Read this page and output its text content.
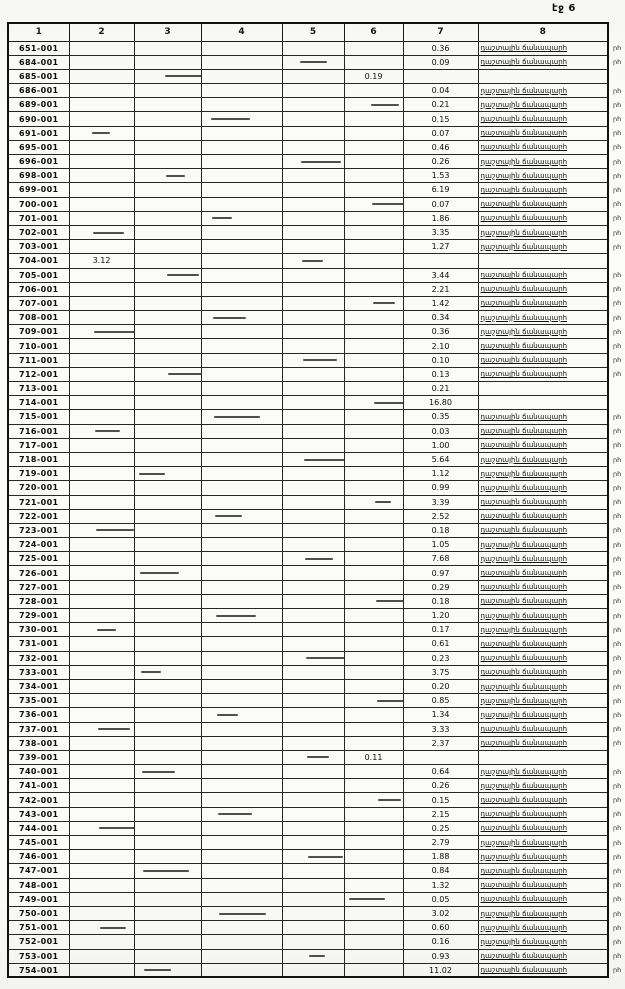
էջ 6
1	2	3	4	5	6	7	8	
651-001						0.36	դաշտային ճանապարհ	րհ
684-001						0.09	դաշտային ճանապարհ	րհ
685-001					0.19			
686-001						0.04	դաշտային ճանապարհ	րհ
689-001						0.21	դաշտային ճանապարհ	րհ
690-001						0.15	դաշտային ճանապարհ	րհ
691-001						0.07	դաշտային ճանապարհ	րհ
695-001						0.46	դաշտային ճանապարհ	րհ
696-001						0.26	դաշտային ճանապարհ	րհ
698-001						1.53	դաշտային ճանապարհ	րհ
699-001						6.19	դաշտային ճանապարհ	րհ
700-001						0.07	դաշտային ճանապարհ	րհ
701-001						1.86	դաշտային ճանապարհ	րհ
702-001						3.35	դաշտային ճանապարհ	րհ
703-001						1.27	դաշտային ճանապարհ	րհ
704-001	3.12			

705-001						3.44	դաշտային ճանապարհ	րհ
706-001						2.21	դաշտային ճանապարհ	րհ
707-001						1.42	դաշտային ճանապարհ	րհ
708-001						0.34	դաշտային ճանապարհ	րհ
709-001						0.36	դաշտային ճանապարհ	րհ
710-001						2.10	դաշտային ճանապարհ	րհ
711-001						0.10	դաշտային ճանապարհ	րհ
712-001						0.13	դաշտային ճանապարհ	րհ
713-001						0.21		
714-001						16.80		
715-001						0.35	դաշտային ճանապարհ	րհ
716-001						0.03	դաշտային ճանապարհ	րհ
717-001						1.00	դաշտային ճանապարհ	րհ
718-001						5.64	դաշտային ճանապարհ	րհ
719-001						1.12	դաշտային ճանապարհ	րհ
720-001						0.99	դաշտային ճանապարհ	րհ
721-001						3.39	դաշտային ճանապարհ	րհ
722-001						2.52	դաշտային ճանապարհ	րհ
723-001						0.18	դաշտային ճանապարհ	րհ
724-001						1.05	դաշտային ճանապարհ	րհ
725-001						7.68	դաշտային ճանապարհ	րհ
726-001						0.97	դաշտային ճանապարհ	րհ
727-001						0.29	դաշտային ճանապարհ	րհ
728-001						0.18	դաշտային ճանապարհ	րհ
729-001						1.20	դաշտային ճանապարհ	րհ
730-001						0.17	դաշտային ճանապարհ	րհ
731-001						0.61	դաշտային ճանապարհ	րհ
732-001						0.23	դաշտային ճանապարհ	րհ
733-001						3.75	դաշտային ճանապարհ	րհ
734-001						0.20	դաշտային ճանապարհ	րհ
735-001						0.85	դաշտային ճանապարհ	րհ
736-001						1.34	դաշտային ճանապարհ	րհ
737-001						3.33	դաշտային ճանապարհ	րհ
738-001						2.37	դաշտային ճանապարհ	րհ
739-001					0.11			
740-001						0.64	դաշտային ճանապարհ	րհ
741-001						0.26	դաշտային ճանապարհ	րհ
742-001						0.15	դաշտային ճանապարհ	րհ
743-001						2.15	դաշտային ճանապարհ	րհ
744-001						0.25	դաշտային ճանապարհ	րհ
745-001						2.79	դաշտային ճանապարհ	րհ
746-001						1.88	դաշտային ճանապարհ	րհ
747-001						0.84	դաշտային ճանապարհ	րհ
748-001						1.32	դաշտային ճանապարհ	րհ
749-001						0.05	դաշտային ճանապարհ	րհ
750-001						3.02	դաշտային ճանապարհ	րհ
751-001						0.60	դաշտային ճանապարհ	րհ
752-001						0.16	դաշտային ճանապարհ	րհ
753-001						0.93	դաշտային ճանապարհ	րհ
754-001						11.02	դաշտային ճանապարհ	րհ
